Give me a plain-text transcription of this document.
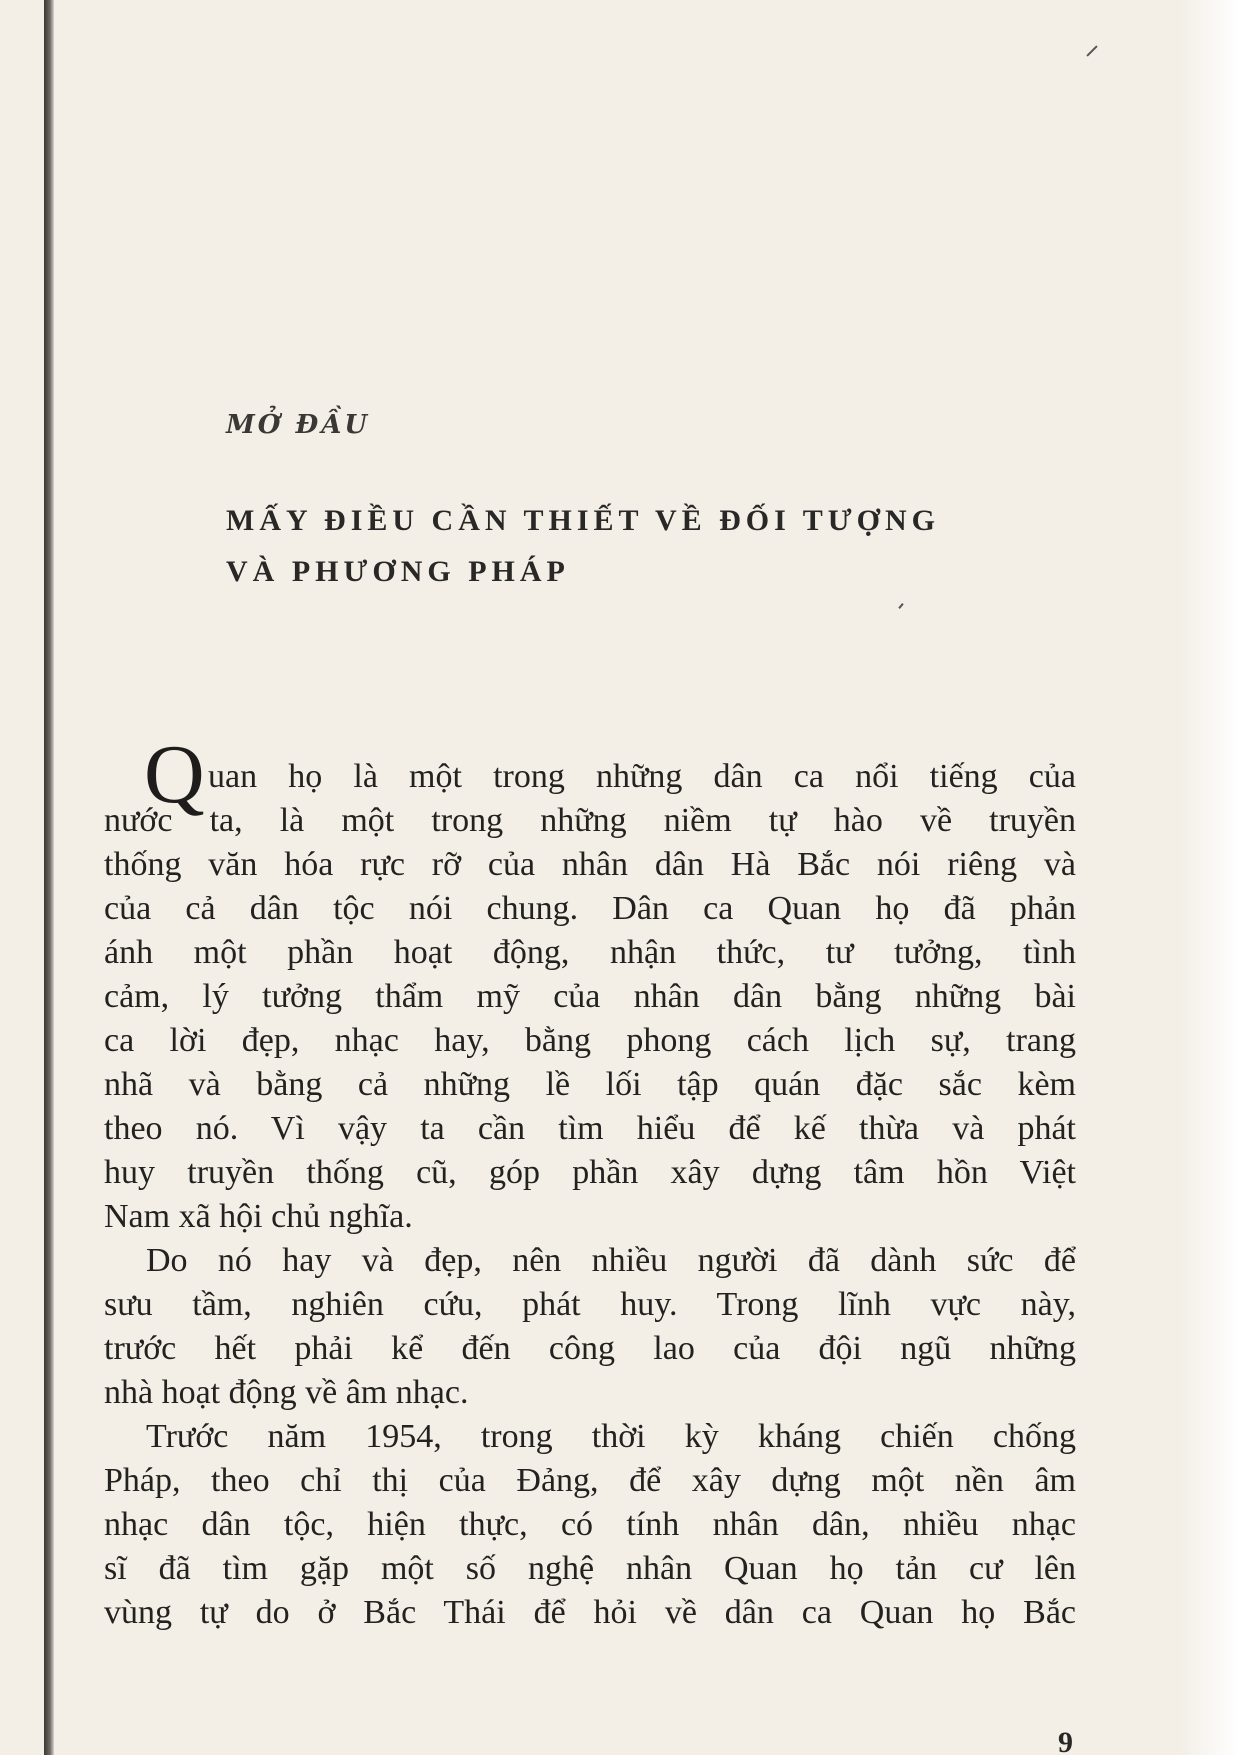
MỞ ĐẦU
MẤY ĐIỀU CẦN THIẾT VỀ ĐỐI TƯỢNG
VÀ PHƯƠNG PHÁP

Q uan họ là một trong những dân ca nổi tiếng của
nước ta, là một trong những niềm tự hào về truyền
thống văn hóa rực rỡ của nhân dân Hà Bắc nói riêng và
của cả dân tộc nói chung. Dân ca Quan họ đã phản
ánh một phần hoạt động, nhận thức, tư tưởng, tình
cảm, lý tưởng thẩm mỹ của nhân dân bằng những bài
ca lời đẹp, nhạc hay, bằng phong cách lịch sự, trang
nhã và bằng cả những lề lối tập quán đặc sắc kèm
theo nó. Vì vậy ta cần tìm hiểu để kế thừa và phát
huy truyền thống cũ, góp phần xây dựng tâm hồn Việt
Nam xã hội chủ nghĩa.

Do nó hay và đẹp, nên nhiều người đã dành sức để
sưu tầm, nghiên cứu, phát huy. Trong lĩnh vực này,
trước hết phải kể đến công lao của đội ngũ những
nhà hoạt động về âm nhạc.

Trước năm 1954, trong thời kỳ kháng chiến chống
Pháp, theo chỉ thị của Đảng, để xây dựng một nền âm
nhạc dân tộc, hiện thực, có tính nhân dân, nhiều nhạc
sĩ đã tìm gặp một số nghệ nhân Quan họ tản cư lên
vùng tự do ở Bắc Thái để hỏi về dân ca Quan họ Bắc

9
